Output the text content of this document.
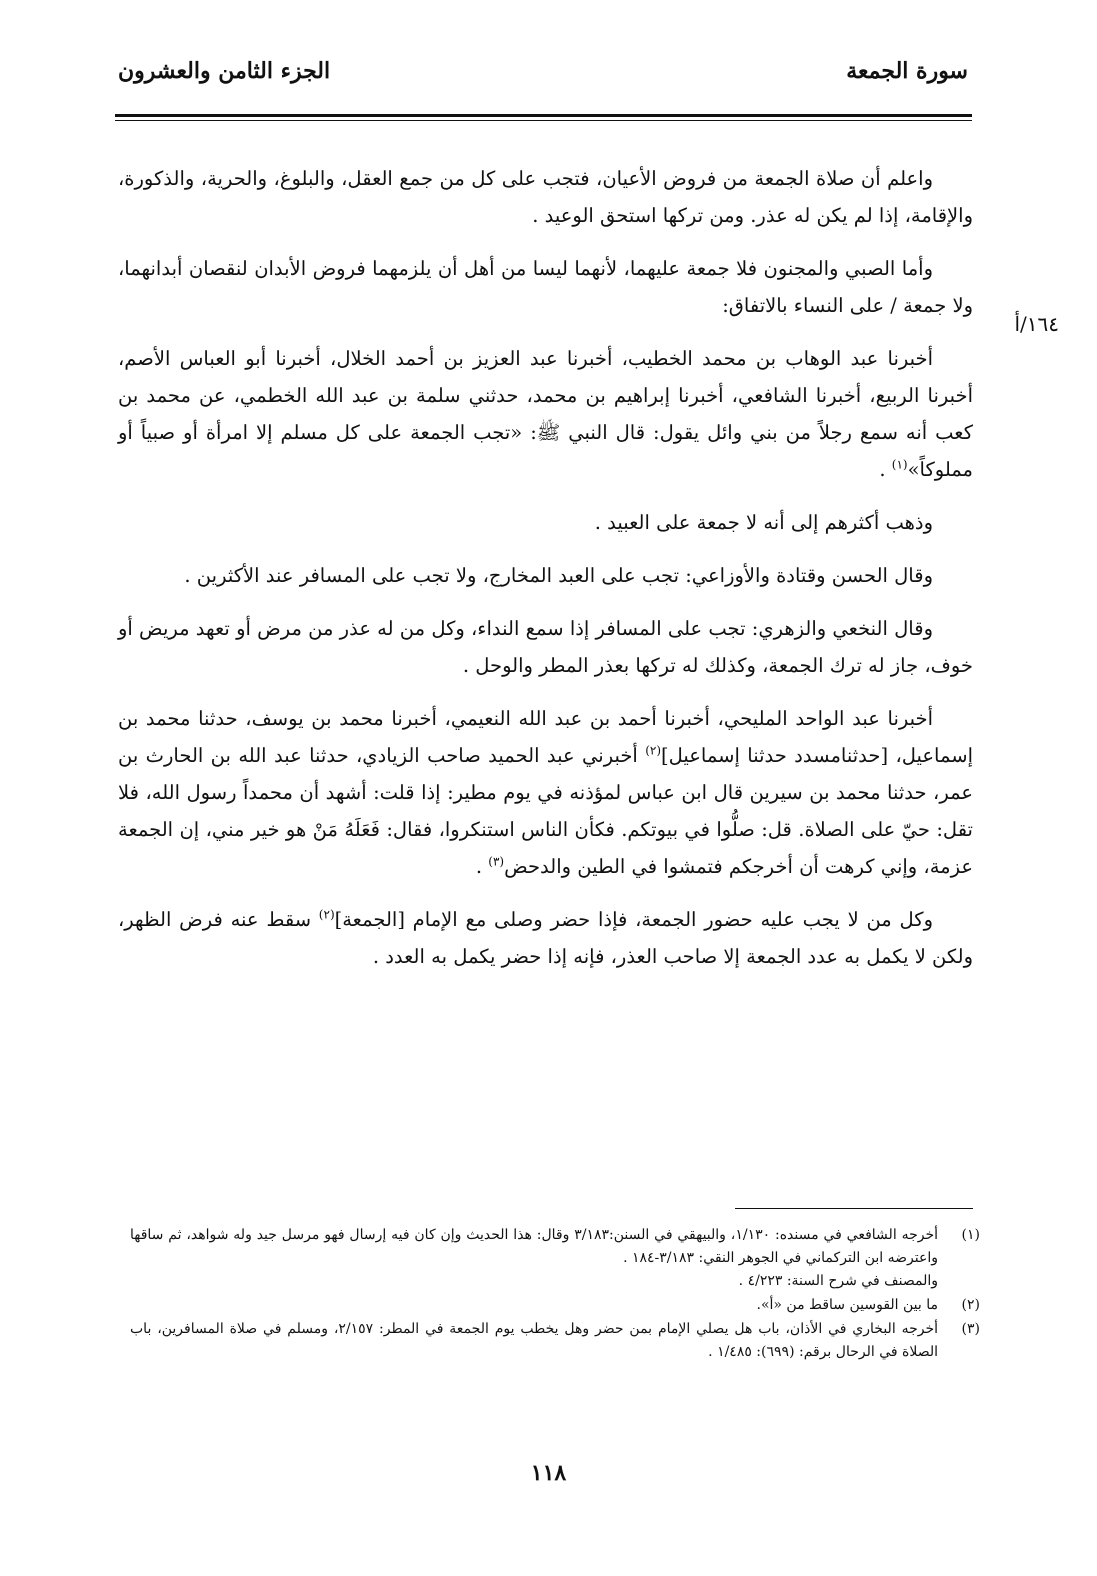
سورة الجمعة
الجزء الثامن والعشرون
١٦٤/أ

واعلم أن صلاة الجمعة من فروض الأعيان، فتجب على كل من جمع العقل، والبلوغ، والحرية، والذكورة، والإقامة، إذا لم يكن له عذر. ومن تركها استحق الوعيد .

وأما الصبي والمجنون فلا جمعة عليهما، لأنهما ليسا من أهل أن يلزمهما فروض الأبدان لنقصان أبدانهما، ولا جمعة / على النساء بالاتفاق:

أخبرنا عبد الوهاب بن محمد الخطيب، أخبرنا عبد العزيز بن أحمد الخلال، أخبرنا أبو العباس الأصم، أخبرنا الربيع، أخبرنا الشافعي، أخبرنا إبراهيم بن محمد، حدثني سلمة بن عبد الله الخطمي، عن محمد بن كعب أنه سمع رجلاً من بني وائل يقول: قال النبي ﷺ: «تجب الجمعة على كل مسلم إلا امرأة أو صبياً أو مملوكاً»$^{(١)}$ .

وذهب أكثرهم إلى أنه لا جمعة على العبيد .

وقال الحسن وقتادة والأوزاعي: تجب على العبد المخارج، ولا تجب على المسافر عند الأكثرين .

وقال النخعي والزهري: تجب على المسافر إذا سمع النداء، وكل من له عذر من مرض أو تعهد مريض أو خوف، جاز له ترك الجمعة، وكذلك له تركها بعذر المطر والوحل .

أخبرنا عبد الواحد المليحي، أخبرنا أحمد بن عبد الله النعيمي، أخبرنا محمد بن يوسف، حدثنا محمد بن إسماعيل، [حدثنامسدد حدثنا إسماعيل]$^{(٢)}$ أخبرني عبد الحميد صاحب الزيادي، حدثنا عبد الله بن الحارث بن عمر، حدثنا محمد بن سيرين قال ابن عباس لمؤذنه في يوم مطير: إذا قلت: أشهد أن محمداً رسول الله، فلا تقل: حيّ على الصلاة. قل: صلُّوا في بيوتكم. فكأن الناس استنكروا، فقال: فَعَلَهُ مَنْ هو خير مني، إن الجمعة عزمة، وإني كرهت أن أخرجكم فتمشوا في الطين والدحض$^{(٣)}$ .

وكل من لا يجب عليه حضور الجمعة، فإذا حضر وصلى مع الإمام [الجمعة]$^{(٢)}$ سقط عنه فرض الظهر، ولكن لا يكمل به عدد الجمعة إلا صاحب العذر، فإنه إذا حضر يكمل به العدد .

(١)
أخرجه الشافعي في مسنده: ١/١٣٠، والبيهقي في السنن:٣/١٨٣ وقال: هذا الحديث وإن كان فيه إرسال فهو مرسل جيد وله شواهد، ثم ساقها واعترضه ابن التركماني في الجوهر النقي: ٣/١٨٣-١٨٤ .
والمصنف في شرح السنة: ٤/٢٢٣ .
(٢)
ما بين القوسين ساقط من «أ».
(٣)
أخرجه البخاري في الأذان، باب هل يصلي الإمام بمن حضر وهل يخطب يوم الجمعة في المطر: ٢/١٥٧، ومسلم في صلاة المسافرين، باب الصلاة في الرحال برقم: (٦٩٩): ١/٤٨٥ .
١١٨
